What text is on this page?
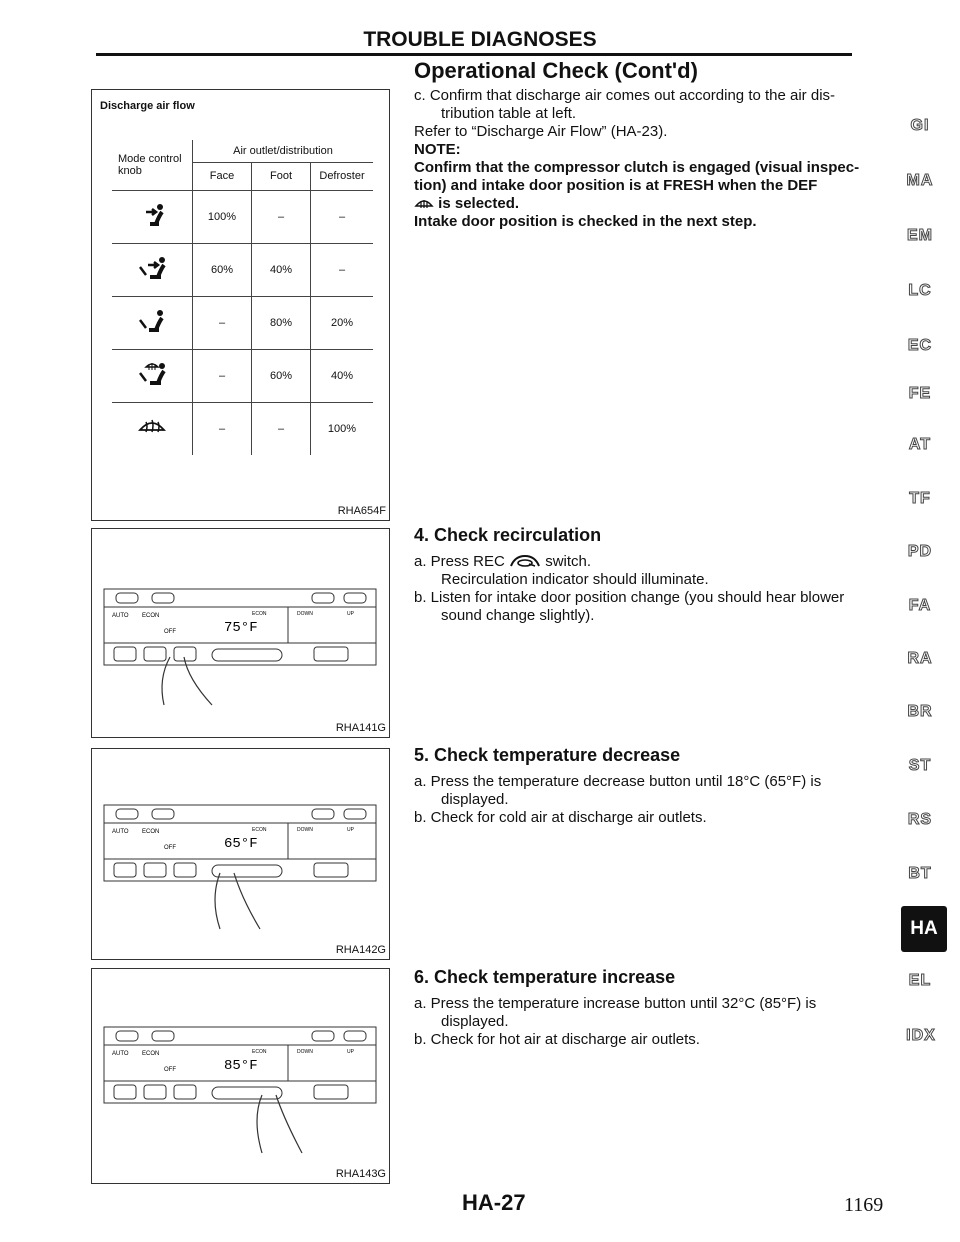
TROUBLE DIAGNOSES
Operational Check (Cont'd)
Discharge air flow
Mode control knob	Air outlet/distribution		
	Face	Foot	Defroster
	100%	–	–
	60%	40%	–
	–	80%	20%
	–	60%	40%
	–	–	100%
RHA654F
AUTO ECON
OFF
ECON	DOWN	UP
75°F
RHA141G
AUTO ECON
OFF
ECON	DOWN	UP
65°F
RHA142G
AUTO ECON
OFF
ECON	DOWN	UP
85°F
RHA143G
c. Confirm that discharge air comes out according to the air dis-
tribution table at left.
Refer to “Discharge Air Flow” (HA-23).
NOTE:
Confirm that the compressor clutch is engaged (visual inspec-
tion) and intake door position is at FRESH when the DEF
is selected.
Intake door position is checked in the next step.
4. Check recirculation
a. Press REC	switch.
Recirculation indicator should illuminate.
b. Listen for intake door position change (you should hear blower
sound change slightly).
5. Check temperature decrease
a. Press the temperature decrease button until 18°C (65°F) is
displayed.
b. Check for cold air at discharge air outlets.
6. Check temperature increase
a. Press the temperature increase button until 32°C (85°F) is
displayed.
b. Check for hot air at discharge air outlets.
GI
MA
EM
LC
EC
FE
AT
TF
PD
FA
RA
BR
ST
RS
BT
HA
EL
IDX
HA-27	1169
